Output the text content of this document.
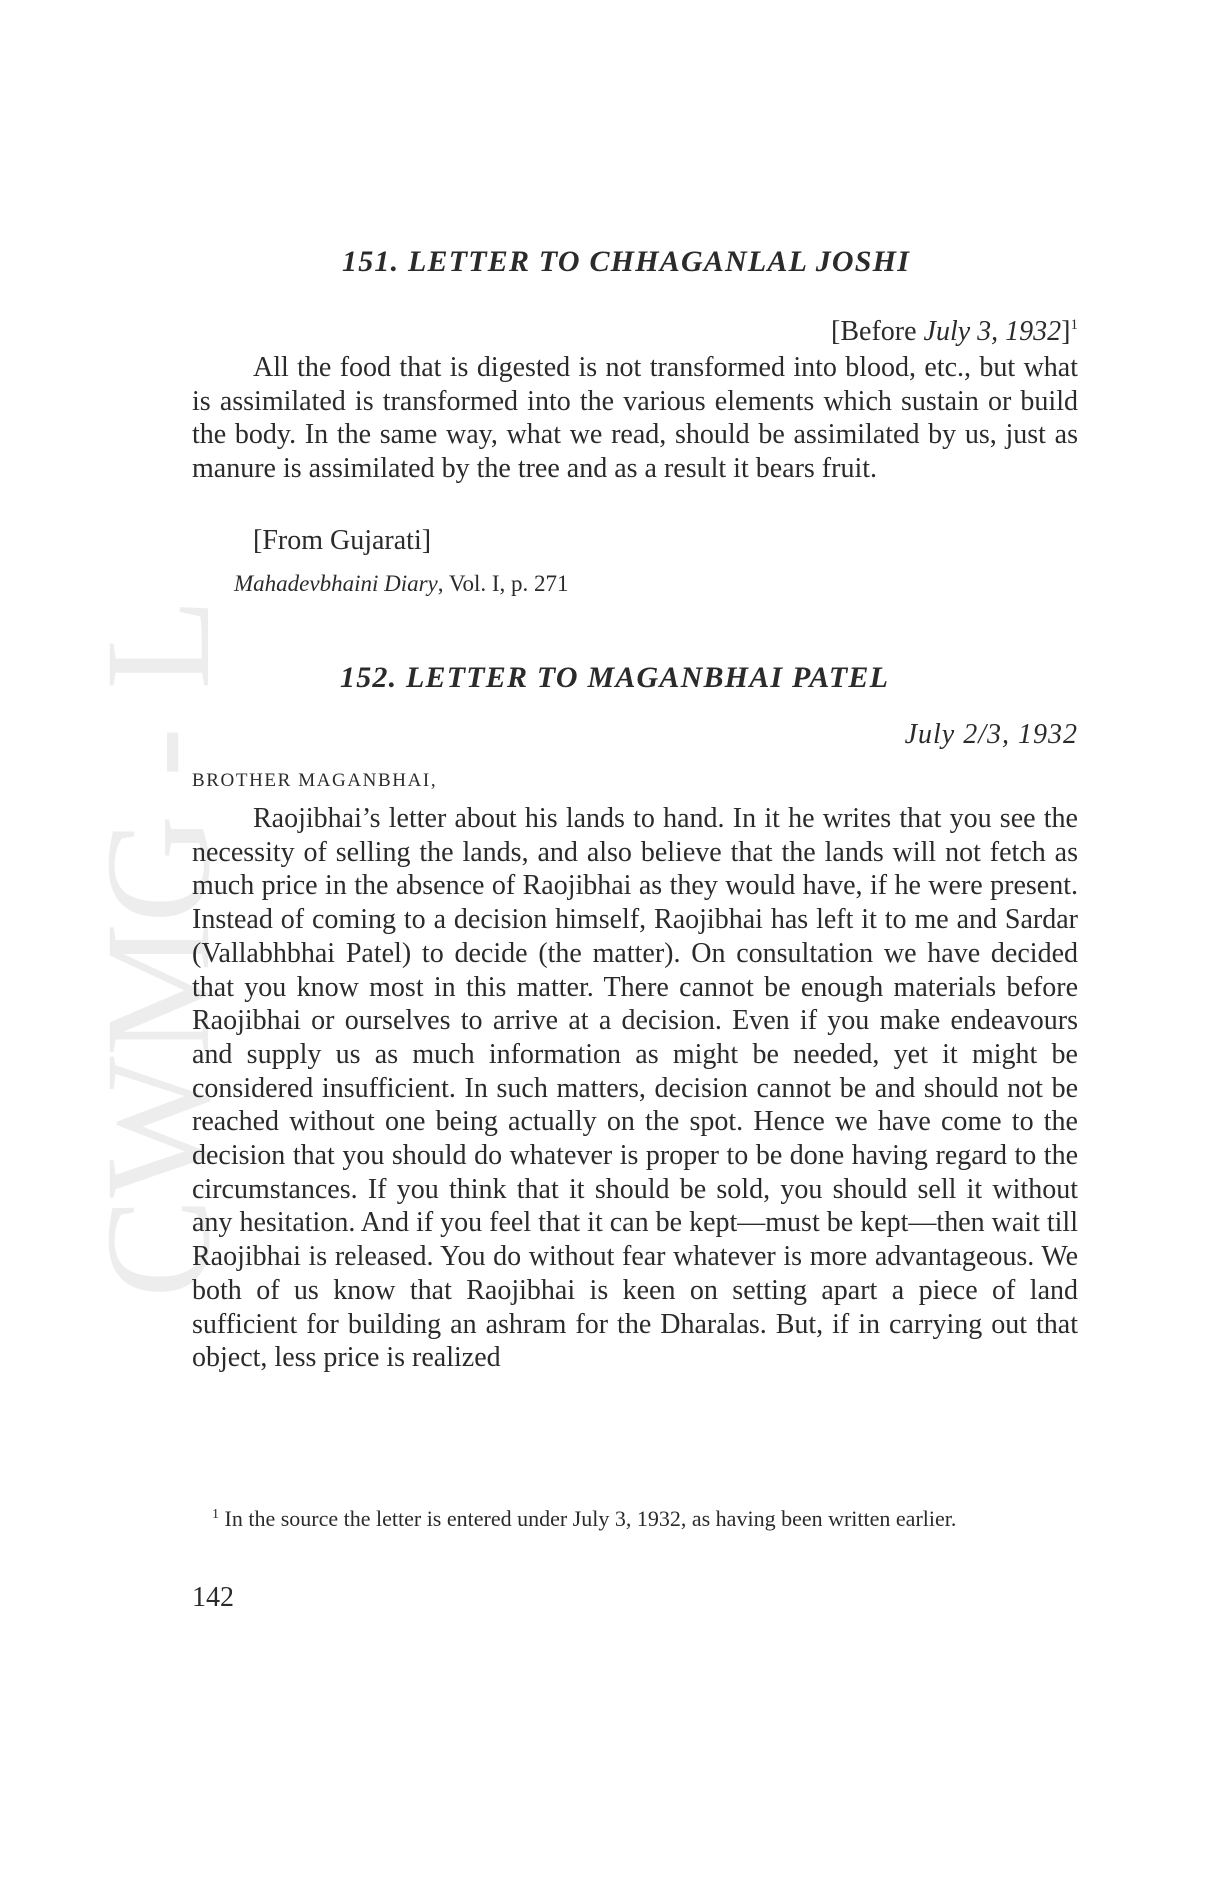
CWMG - L
151. LETTER TO CHHAGANLAL JOSHI
[Before July 3, 1932]$^1$

All the food that is digested is not transformed into blood, etc., but what is assimilated is transformed into the various elements which sustain or build the body. In the same way, what we read, should be assimilated by us, just as manure is assimilated by the tree and as a result it bears fruit.

[From Gujarati]
Mahadevbhaini Diary, Vol. I, p. 271
152. LETTER TO MAGANBHAI PATEL
July 2/3, 1932
BROTHER MAGANBHAI,

Raojibhai’s letter about his lands to hand. In it he writes that you see the necessity of selling the lands, and also believe that the lands will not fetch as much price in the absence of Raojibhai as they would have, if he were present. Instead of coming to a decision himself, Raojibhai has left it to me and Sardar (Vallabhbhai Patel) to decide (the matter). On consultation we have decided that you know most in this matter. There cannot be enough materials before Raojibhai or ourselves to arrive at a decision. Even if you make endeavours and supply us as much information as might be needed, yet it might be considered insufficient. In such matters, decision cannot be and should not be reached without one being actually on the spot. Hence we have come to the decision that you should do whatever is proper to be done having regard to the circumstances. If you think that it should be sold, you should sell it without any hesitation. And if you feel that it can be kept—must be kept—then wait till Raojibhai is released. You do without fear whatever is more advantageous. We both of us know that Raojibhai is keen on setting apart a piece of land sufficient for building an ashram for the Dharalas. But, if in carrying out that object, less price is realized

$^1$ In the source the letter is entered under July 3, 1932, as having been written earlier.

142
